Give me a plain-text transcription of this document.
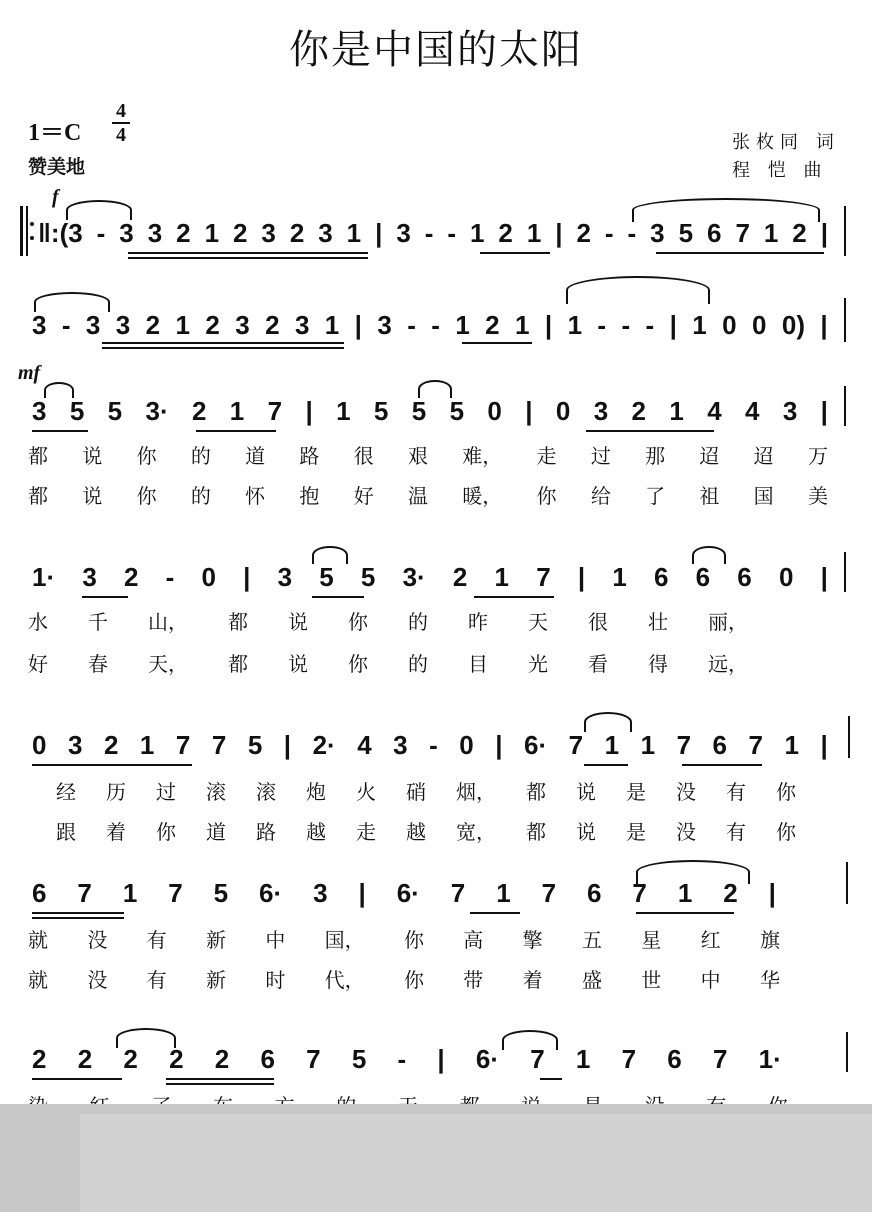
你是中国的太阳
1＝C
4
4
赞美地
张枚同 词
程 恺 曲
f
mf
‖:(3 - 3 3 2 1 2 3 2 3 1 | 3 - - 1 2 1 | 2 - - 3 5 6 7 1 2 |
3 - 3 3 2 1 2 3 2 3 1 | 3 - - 1 2 1 | 1 - - - | 1 0 0 0) |
3 5 5 3· 2 1 7 | 1 5 5 5 0 | 0 3 2 1 4 4 3 |
都 说 你 的 道 路 很 艰 难， 走 过 那 迢 迢 万
都 说 你 的 怀 抱 好 温 暖， 你 给 了 祖 国 美
1· 3 2 - 0 | 3 5 5 3· 2 1 7 | 1 6 6 6 0 |
水 千 山， 都 说 你 的 昨 天 很 壮 丽，
好 春 天， 都 说 你 的 目 光 看 得 远，
0 3 2 1 7 7 5 | 2· 4 3 - 0 | 6· 7 1 1 7 6 7 1 |
经 历 过 滚 滚 炮 火 硝 烟， 都 说 是 没 有 你
跟 着 你 道 路 越 走 越 宽， 都 说 是 没 有 你
6 7 1 7 5 6· 3 | 6· 7 1 7 6 7 1 2 |
就 没 有 新 中 国， 你 高 擎 五 星 红 旗
就 没 有 新 时 代， 你 带 着 盛 世 中 华
2 2 2 2 2 6 7 5 - | 6· 7 1 7 6 7 1·
